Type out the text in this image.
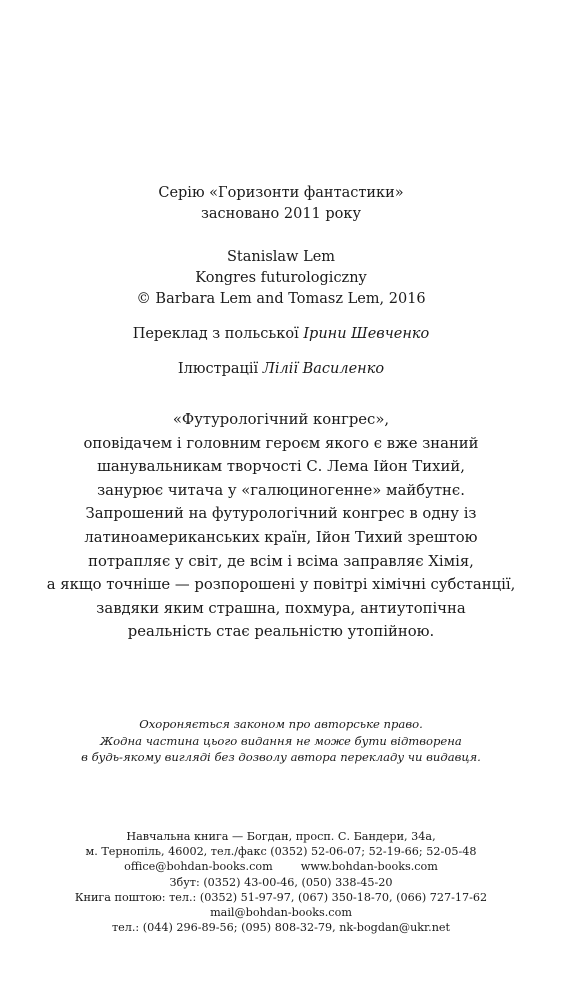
Серію «Горизонти фантастики»
засновано 2011 року
Stanislaw Lem
Kongres futurologiczny
© Barbara Lem and Tomasz Lem, 2016
Переклад з польської Ірини Шевченко
Ілюстрації Лілії Василенко
«Футурологічний конгрес»,
оповідачем і головним героєм якого є вже знаний
шанувальникам творчості С. Лема Ійон Тихий,
занурює читача у «галюциногенне» майбутнє.
Запрошений на футурологічний конгрес в одну із
латиноамериканських країн, Ійон Тихий зрештою
потрапляє у світ, де всім і всіма заправляє Хімія,
а якщо точніше — розпорошені у повітрі хімічні субстанції,
завдяки яким страшна, похмура, антиутопічна
реальність стає реальністю утопійною.
Охороняється законом про авторське право.
Жодна частина цього видання не може бути відтворена
в будь-якому вигляді без дозволу автора перекладу чи видавця.
Навчальна книга — Богдан, просп. С. Бандери, 34а,
м. Тернопіль, 46002, тел./факс (0352) 52-06-07; 52-19-66; 52-05-48
office@bohdan-books.com	www.bohdan-books.com
Збут: (0352) 43-00-46, (050) 338-45-20
Книга поштою: тел.: (0352) 51-97-97, (067) 350-18-70, (066) 727-17-62
mail@bohdan-books.com
тел.: (044) 296-89-56; (095) 808-32-79, nk-bogdan@ukr.net
